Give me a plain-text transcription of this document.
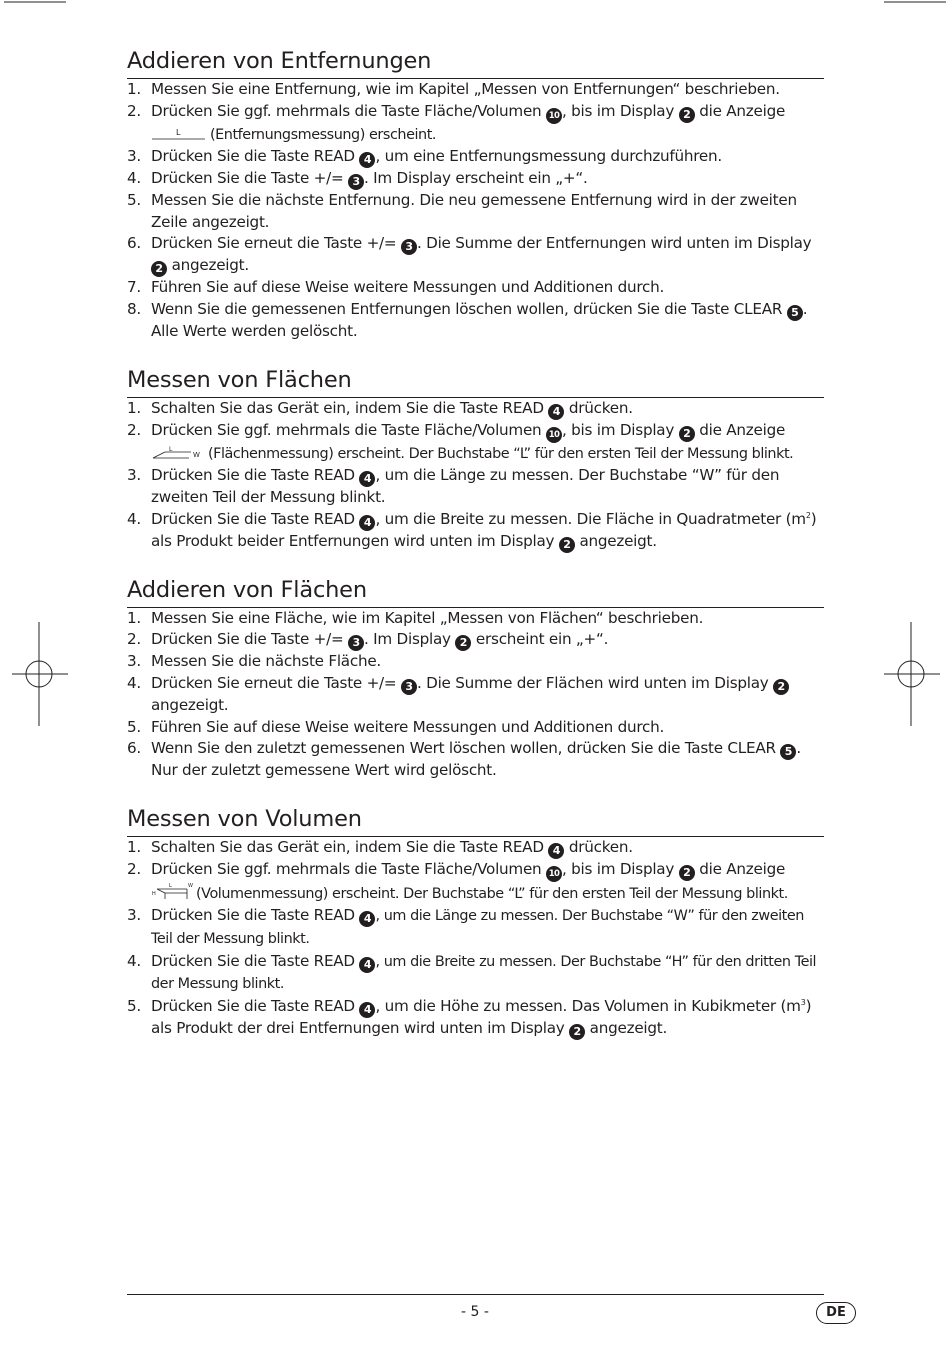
Addieren von Entfernungen
1. Messen Sie eine Entfernung, wie im Kapitel „Messen von Entfernungen“ beschrieben.
2. Drücken Sie ggf. mehrmals die Taste Fläche/Volumen 10 , bis im Display 2 die Anzeige

L (Entfernungsmessung) erscheint.
3. Drücken Sie die Taste READ 4 , um eine Entfernungsmessung durchzuführen.
4. Drücken Sie die Taste +/= 3 . Im Display erscheint ein „+“.
5. Messen Sie die nächste Entfernung. Die neu gemessene Entfernung wird in der zweiten Zeile angezeigt.
6. Drücken Sie erneut die Taste +/= 3 . Die Summe der Entfernungen wird unten im Display 2 angezeigt.
7. Führen Sie auf diese Weise weitere Messungen und Additionen durch.
8. Wenn Sie die gemessenen Entfernungen löschen wollen, drücken Sie die Taste CLEAR 5 . Alle Werte werden gelöscht.
Messen von Flächen
1. Schalten Sie das Gerät ein, indem Sie die Taste READ 4 drücken.
2. Drücken Sie ggf. mehrmals die Taste Fläche/Volumen 10 , bis im Display 2 die Anzeige

L
W (Flächenmessung) erscheint. Der Buchstabe “L” für den ersten Teil der Messung blinkt.
3. Drücken Sie die Taste READ 4 , um die Länge zu messen. Der Buchstabe “W” für den zweiten Teil der Messung blinkt.
4. Drücken Sie die Taste READ 4 , um die Breite zu messen. Die Fläche in Quadratmeter $(m^2)$ als Produkt beider Entfernungen wird unten im Display 2 angezeigt.
Addieren von Flächen
1. Messen Sie eine Fläche, wie im Kapitel „Messen von Flächen“ beschrieben.
2. Drücken Sie die Taste +/= 3 . Im Display 2 erscheint ein „+“.
3. Messen Sie die nächste Fläche.
4. Drücken Sie erneut die Taste +/= 3 . Die Summe der Flächen wird unten im Display 2 angezeigt.
5. Führen Sie auf diese Weise weitere Messungen und Additionen durch.
6. Wenn Sie den zuletzt gemessenen Wert löschen wollen, drücken Sie die Taste CLEAR 5 . Nur der zuletzt gemessene Wert wird gelöscht.
Messen von Volumen
1. Schalten Sie das Gerät ein, indem Sie die Taste READ 4 drücken.
2. Drücken Sie ggf. mehrmals die Taste Fläche/Volumen 10 , bis im Display 2 die Anzeige

L	W
H	(Volumenmessung) erscheint. Der Buchstabe “L” für den ersten Teil der Messung blinkt.
3. Drücken Sie die Taste READ 4 , um die Länge zu messen. Der Buchstabe “W” für den zweiten Teil der Messung blinkt.
4. Drücken Sie die Taste READ 4 , um die Breite zu messen. Der Buchstabe “H” für den dritten Teil der Messung blinkt.
5. Drücken Sie die Taste READ 4 , um die Höhe zu messen. Das Volumen in Kubikmeter $(m^3)$ als Produkt der drei Entfernungen wird unten im Display 2 angezeigt.
- 5 -	DE
